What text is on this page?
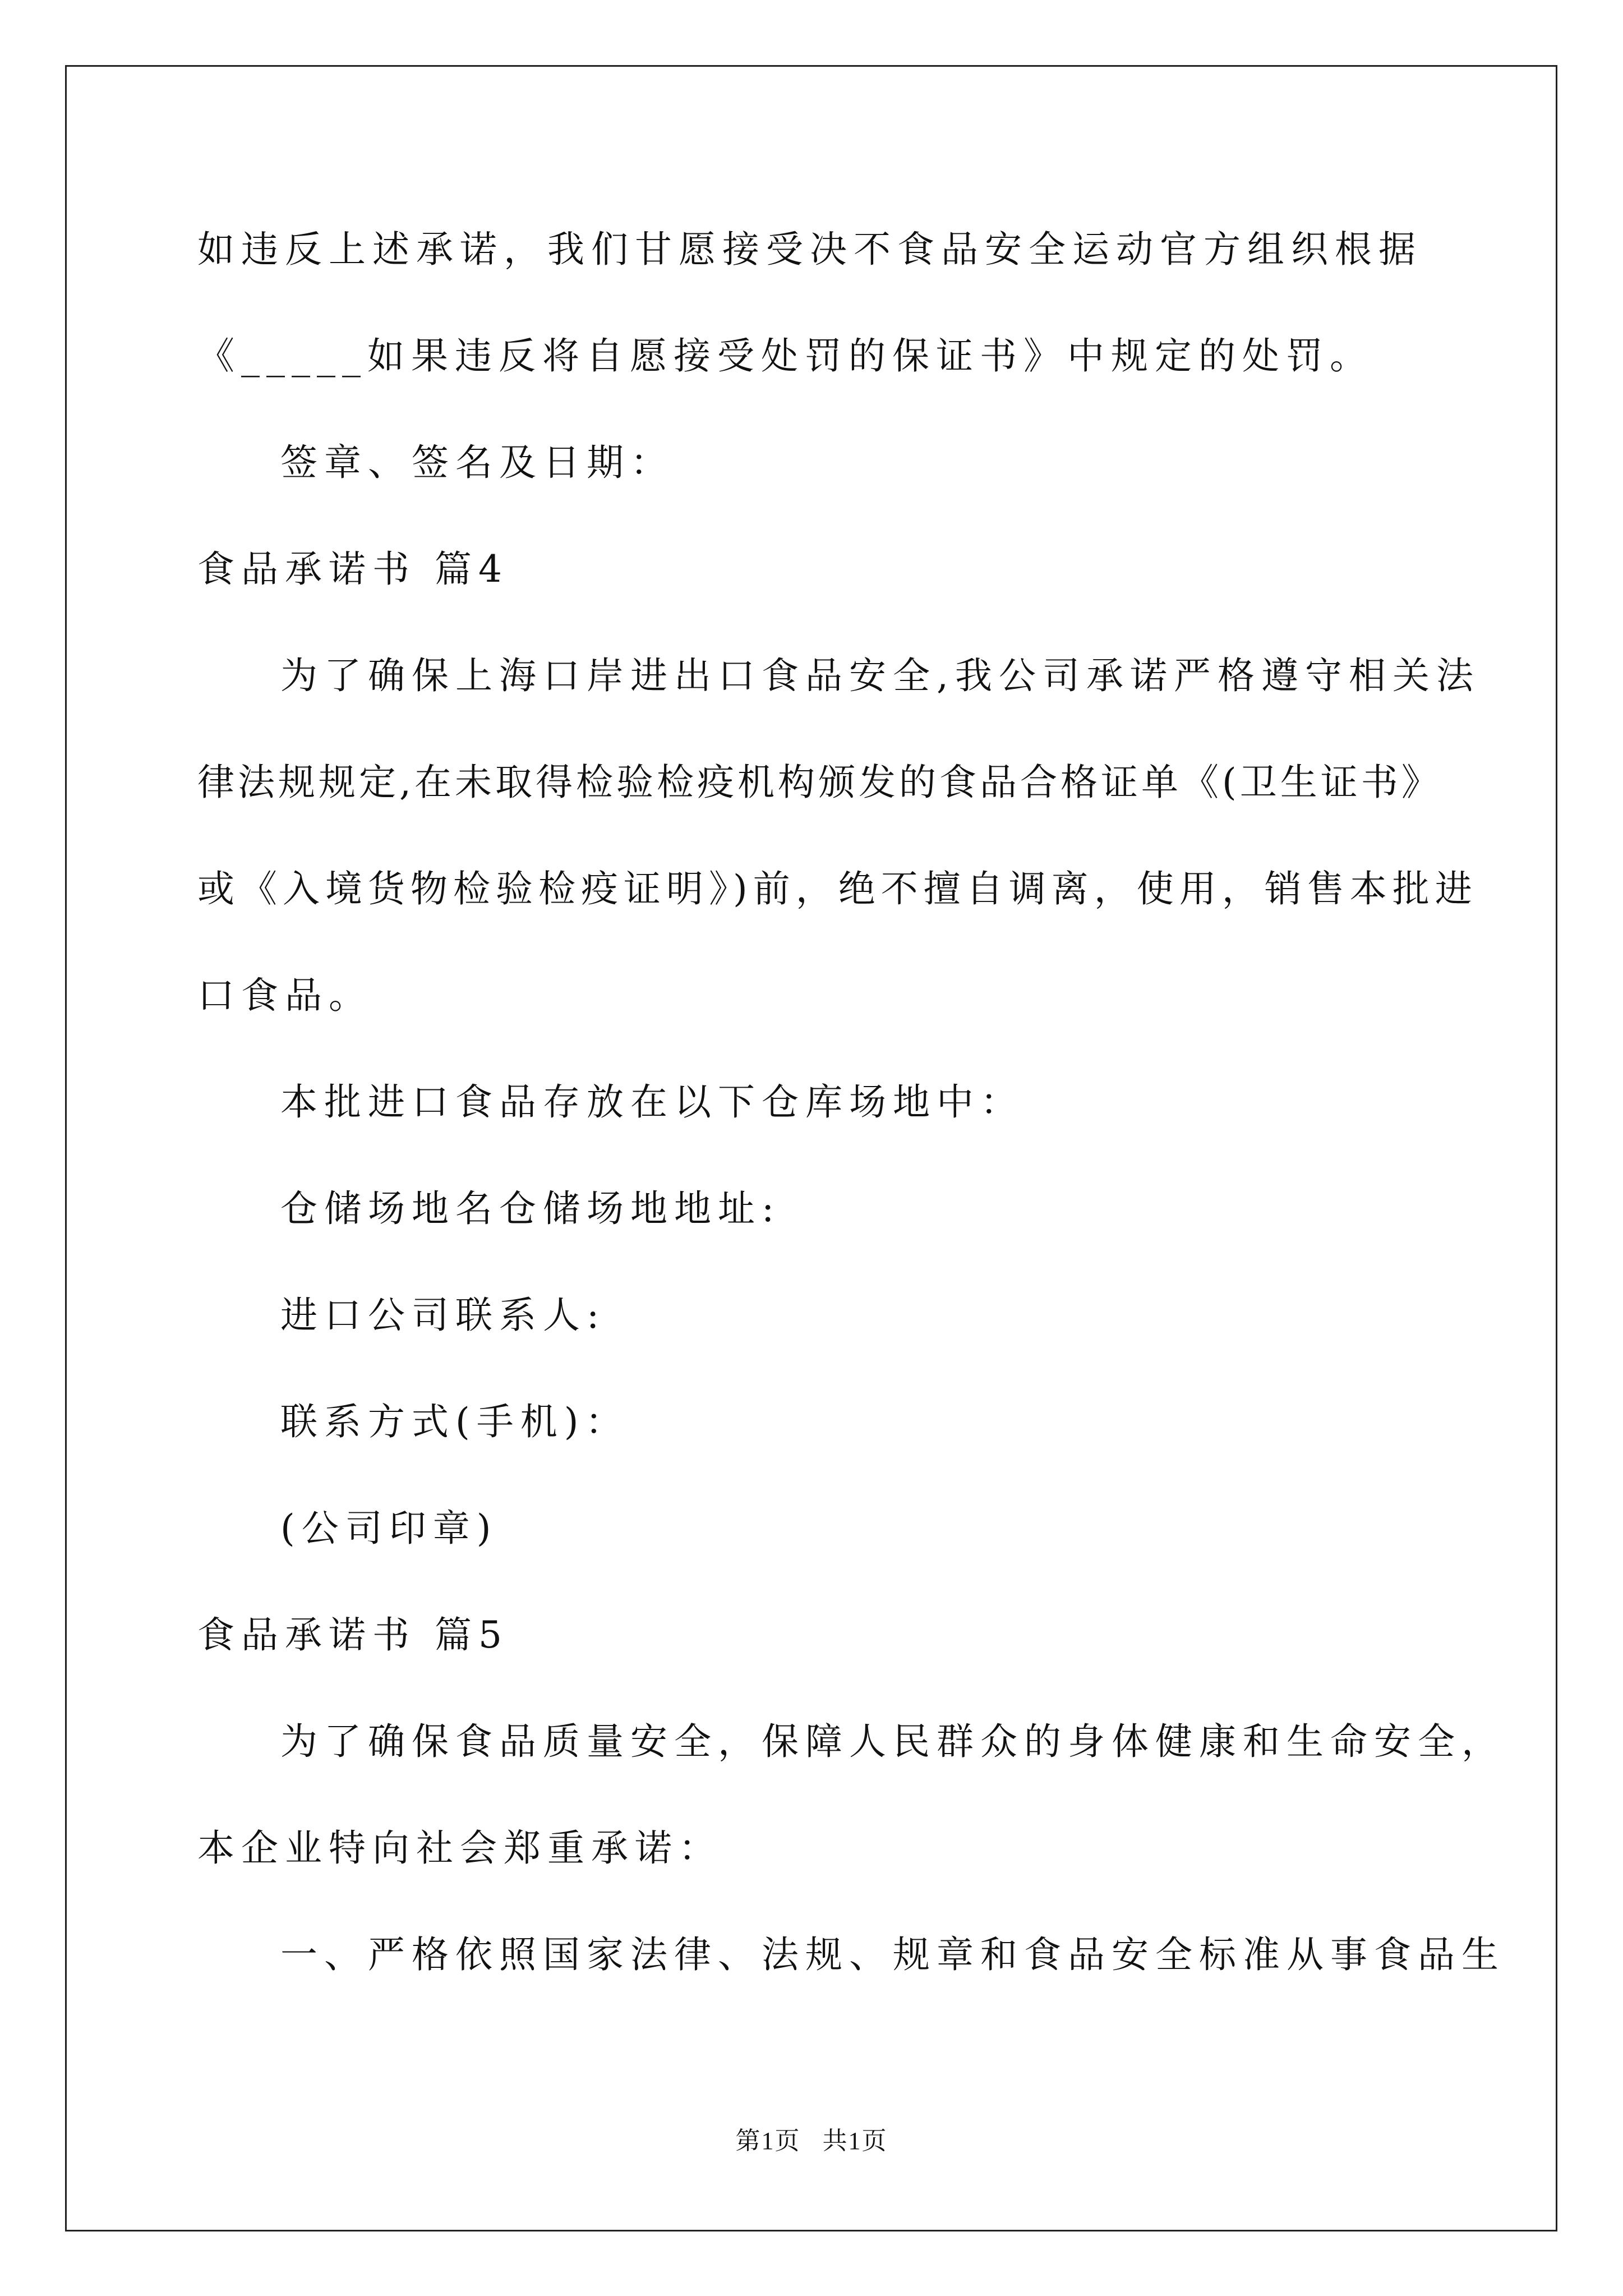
如违反上述承诺，我们甘愿接受决不食品安全运动官方组织根据
《_____如果违反将自愿接受处罚的保证书》中规定的处罚。
签章、签名及日期：
食品承诺书 篇4
为了确保上海口岸进出口食品安全,我公司承诺严格遵守相关法
律法规规定,在未取得检验检疫机构颁发的食品合格证单《(卫生证书》
或《入境货物检验检疫证明》)前，绝不擅自调离，使用，销售本批进
口食品。
本批进口食品存放在以下仓库场地中：
仓储场地名仓储场地地址:
进口公司联系人:
联系方式(手机)：
(公司印章)
食品承诺书 篇5
为了确保食品质量安全，保障人民群众的身体健康和生命安全，
本企业特向社会郑重承诺：
一、严格依照国家法律、法规、规章和食品安全标准从事食品生
第1页   共1页
